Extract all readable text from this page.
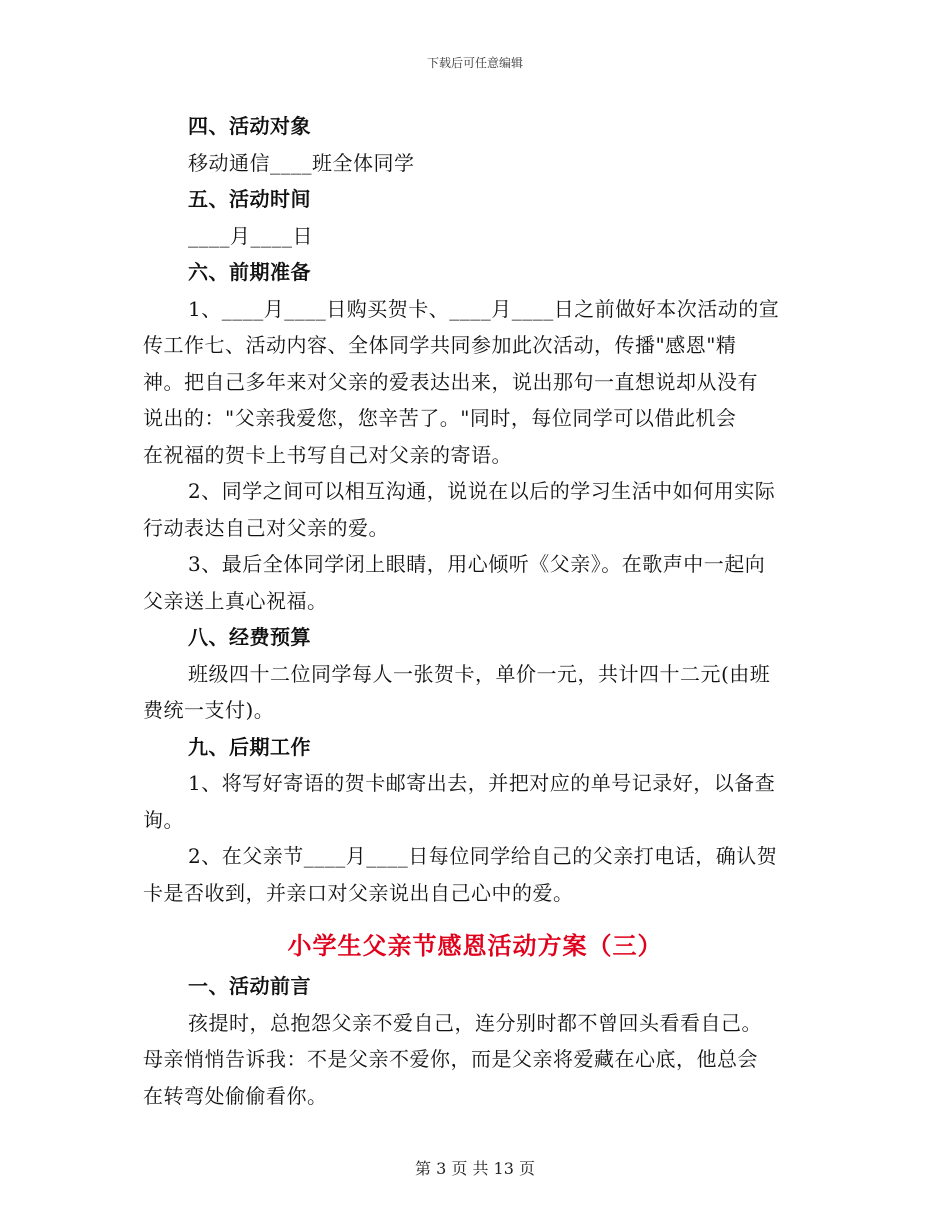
下载后可任意编辑

四、活动对象

移动通信____班全体同学

五、活动时间

____月____日

六、前期准备

1、____月____日购买贺卡、____月____日之前做好本次活动的宣

传工作七、活动内容、全体同学共同参加此次活动，传播"感恩"精

神。把自己多年来对父亲的爱表达出来，说出那句一直想说却从没有

说出的："父亲我爱您，您辛苦了。"同时，每位同学可以借此机会

在祝福的贺卡上书写自己对父亲的寄语。

2、同学之间可以相互沟通，说说在以后的学习生活中如何用实际

行动表达自己对父亲的爱。

3、最后全体同学闭上眼睛，用心倾听《父亲》。在歌声中一起向

父亲送上真心祝福。

八、经费预算

班级四十二位同学每人一张贺卡，单价一元，共计四十二元(由班

费统一支付)。

九、后期工作

1、将写好寄语的贺卡邮寄出去，并把对应的单号记录好，以备查

询。

2、在父亲节____月____日每位同学给自己的父亲打电话，确认贺

卡是否收到，并亲口对父亲说出自己心中的爱。

小学生父亲节感恩活动方案（三）

一、活动前言

孩提时，总抱怨父亲不爱自己，连分别时都不曾回头看看自己。

母亲悄悄告诉我：不是父亲不爱你，而是父亲将爱藏在心底，他总会

在转弯处偷偷看你。

第 3 页 共 13 页
